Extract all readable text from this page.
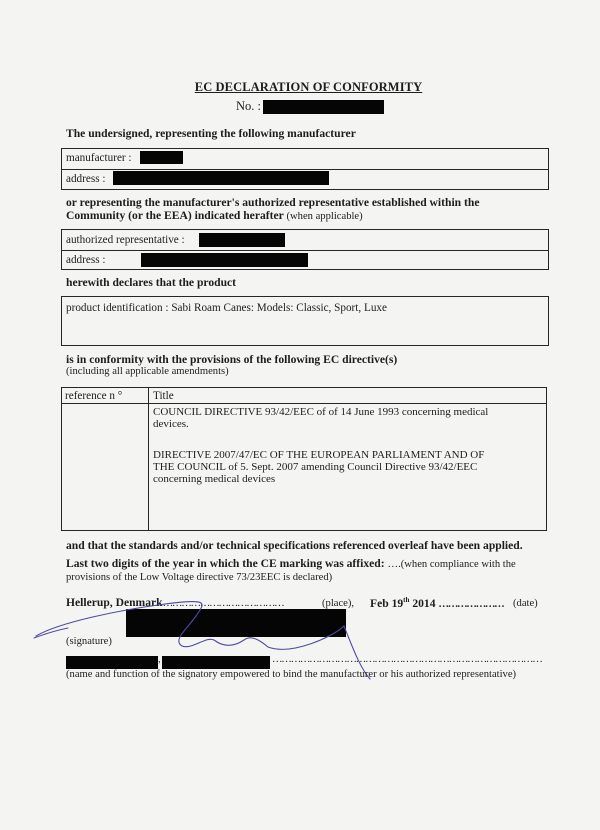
EC DECLARATION OF CONFORMITY
No. :
The undersigned, representing the following manufacturer
manufacturer :
address :
or representing the manufacturer's authorized representative established within the
Community (or the EEA) indicated herafter (when applicable)
authorized representative :
address :
herewith declares that the product
product identification : Sabi Roam Canes: Models: Classic, Sport, Luxe
is in conformity with the provisions of the following EC directive(s)
(including all applicable amendments)
reference n °	Title
COUNCIL DIRECTIVE 93/42/EEC of of 14 June 1993 concerning medical
devices.
DIRECTIVE 2007/47/EC OF THE EUROPEAN PARLIAMENT AND OF
THE COUNCIL of 5. Sept. 2007 amending Council Directive 93/42/EEC
concerning medical devices
and that the standards and/or technical specifications referenced overleaf have been applied.
Last two digits of the year in which the CE marking was affixed: ….(when compliance with the
provisions of the Low Voltage directive 73/23EEC is declared)
Hellerup, Denmark…………………………………	(place), Feb 19th 2014 ………………… (date)
(signature)
,	……………………………………………………………………………
(name and function of the signatory empowered to bind the manufacturer or his authorized representative)
